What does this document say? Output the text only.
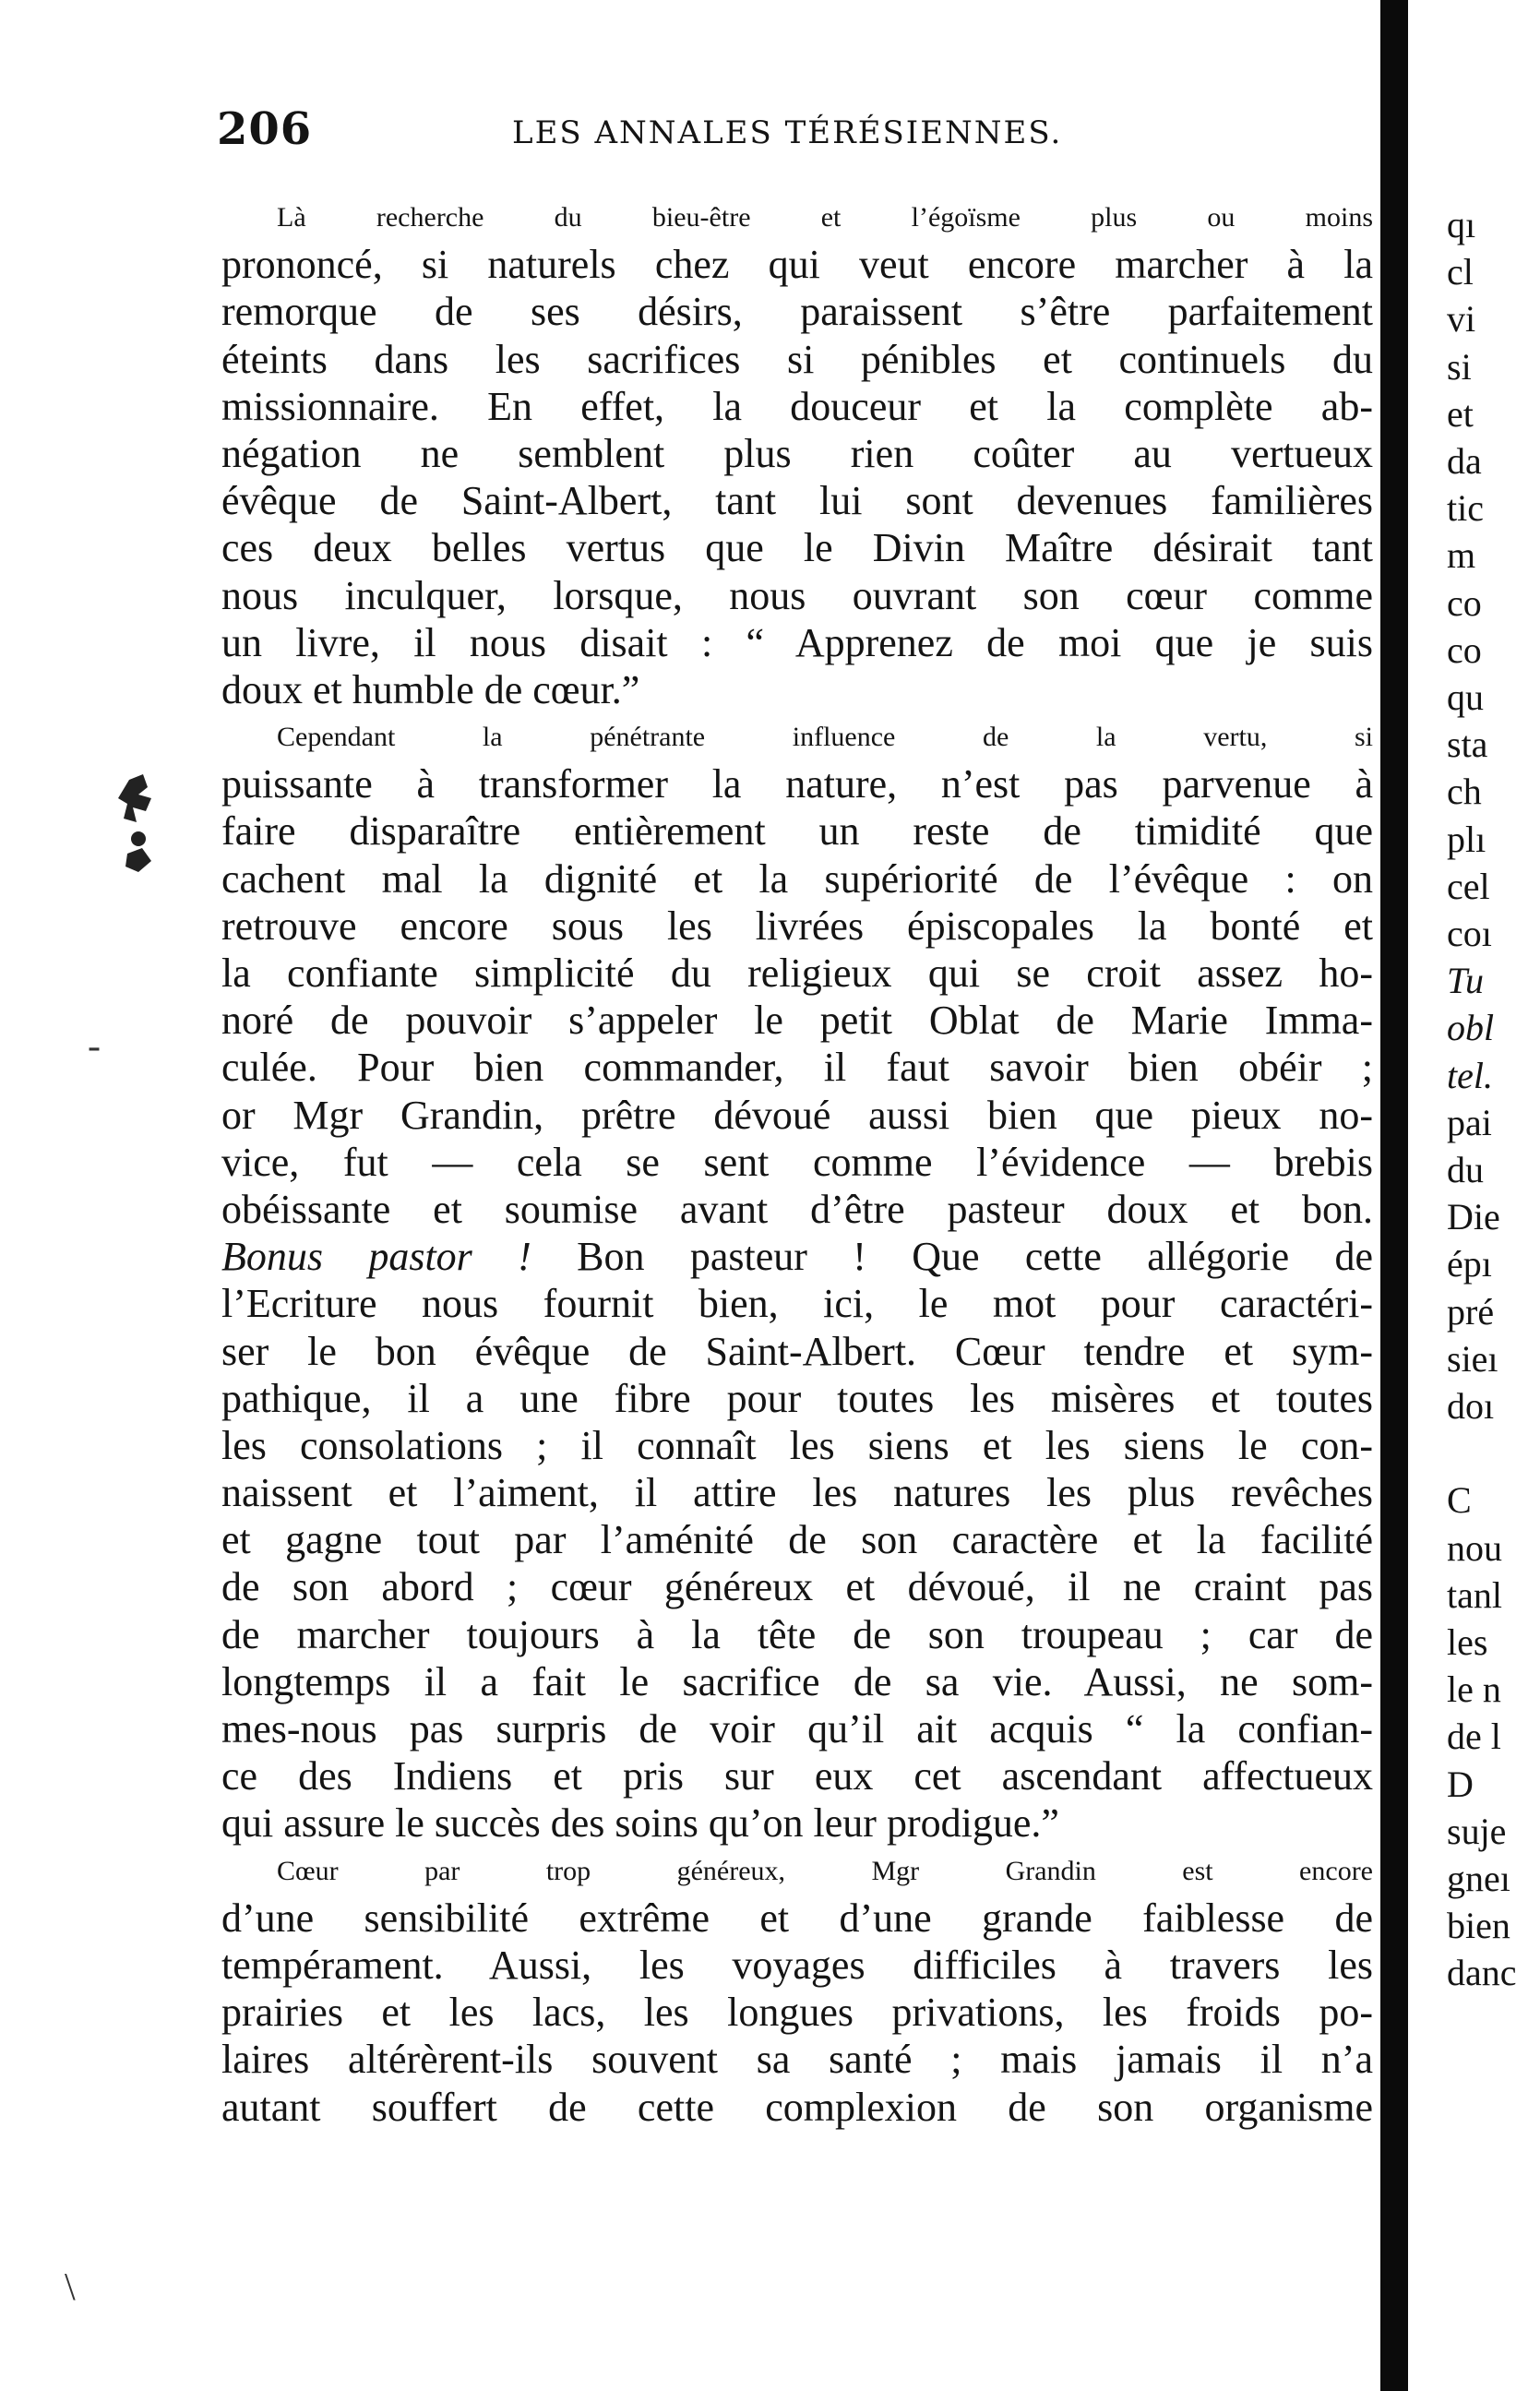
206	LES ANNALES TÉRÉSIENNES.
Là recherche du bieu-être et l’égoïsme plus ou moins
prononcé, si naturels chez qui veut encore marcher à la
remorque de ses désirs, paraissent s’être parfaitement
éteints dans les sacrifices si pénibles et continuels du
missionnaire. En effet, la douceur et la complète ab-
négation ne semblent plus rien coûter au vertueux
évêque de Saint-Albert, tant lui sont devenues familières
ces deux belles vertus que le Divin Maître désirait tant
nous inculquer, lorsque, nous ouvrant son cœur comme
un livre, il nous disait : “ Apprenez de moi que je suis
doux et humble de cœur.”
Cependant la pénétrante influence de la vertu, si
puissante à transformer la nature, n’est pas parvenue à
faire disparaître entièrement un reste de timidité que
cachent mal la dignité et la supériorité de l’évêque : on
retrouve encore sous les livrées épiscopales la bonté et
la confiante simplicité du religieux qui se croit assez ho-
noré de pouvoir s’appeler le petit Oblat de Marie Imma-
culée. Pour bien commander, il faut savoir bien obéir ;
or Mgr Grandin, prêtre dévoué aussi bien que pieux no-
vice, fut — cela se sent comme l’évidence — brebis
obéissante et soumise avant d’être pasteur doux et bon.
Bonus pastor ! Bon pasteur ! Que cette allégorie de
l’Ecriture nous fournit bien, ici, le mot pour caractéri-
ser le bon évêque de Saint-Albert. Cœur tendre et sym-
pathique, il a une fibre pour toutes les misères et toutes
les consolations ; il connaît les siens et les siens le con-
naissent et l’aiment, il attire les natures les plus revêches
et gagne tout par l’aménité de son caractère et la facilité
de son abord ; cœur généreux et dévoué, il ne craint pas
de marcher toujours à la tête de son troupeau ; car de
longtemps il a fait le sacrifice de sa vie. Aussi, ne som-
mes-nous pas surpris de voir qu’il ait acquis “ la confian-
ce des Indiens et pris sur eux cet ascendant affectueux
qui assure le succès des soins qu’on leur prodigue.”
Cœur par trop généreux, Mgr Grandin est encore
d’une sensibilité extrême et d’une grande faiblesse de
tempérament. Aussi, les voyages difficiles à travers les
prairies et les lacs, les longues privations, les froids po-
laires altérèrent-ils souvent sa santé ; mais jamais il n’a
autant souffert de cette complexion de son organisme
-
\
qı
cl
vi
si
et
da
tic
m
co
co
qu
sta
ch
plı
cel
coı
Tu
obl
tel.
pai
du
Die
épı
pré
sieı
doı
C
nou
tanl
les
le n
de l
D
suje
gneı
bien
danc
